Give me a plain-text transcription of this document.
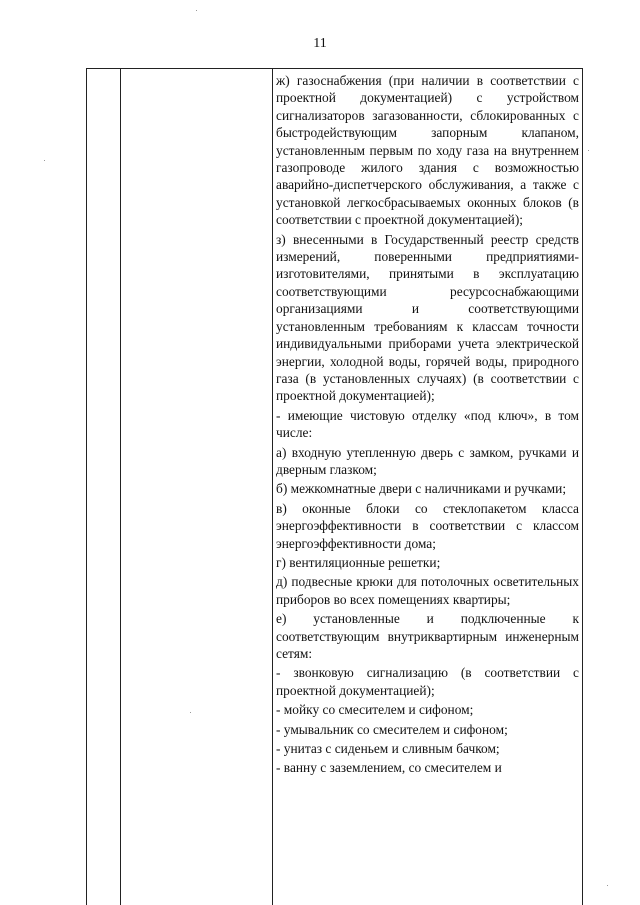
11

ж) газоснабжения (при наличии в соответствии с проектной документацией) с устройством сигнализаторов загазованности, сблокированных с быстродействующим запорным клапаном, установленным первым по ходу газа на внутреннем газопроводе жилого здания с возможностью аварийно-диспетчерского обслуживания, а также с установкой легкосбрасываемых оконных блоков (в соответствии с проектной документацией);

з) внесенными в Государственный реестр средств измерений, поверенными предприятиями-изготовителями, принятыми в эксплуатацию соответствующими ресурсоснабжающими организациями и соответствующими установленным требованиям к классам точности индивидуальными приборами учета электрической энергии, холодной воды, горячей воды, природного газа (в установленных случаях) (в соответствии с проектной документацией);

- имеющие чистовую отделку «под ключ», в том числе:

а) входную утепленную дверь с замком, ручками и дверным глазком;

б) межкомнатные двери с наличниками и ручками;

в) оконные блоки со стеклопакетом класса энергоэффективности в соответствии с классом энергоэффективности дома;

г) вентиляционные решетки;

д) подвесные крюки для потолочных осветительных приборов во всех помещениях квартиры;

е) установленные и подключенные к соответствующим внутриквартирным инженерным сетям:

- звонковую сигнализацию (в соответствии с проектной документацией);

- мойку со смесителем и сифоном;

- умывальник со смесителем и сифоном;

- унитаз с сиденьем и сливным бачком;

- ванну с заземлением, со смесителем и
